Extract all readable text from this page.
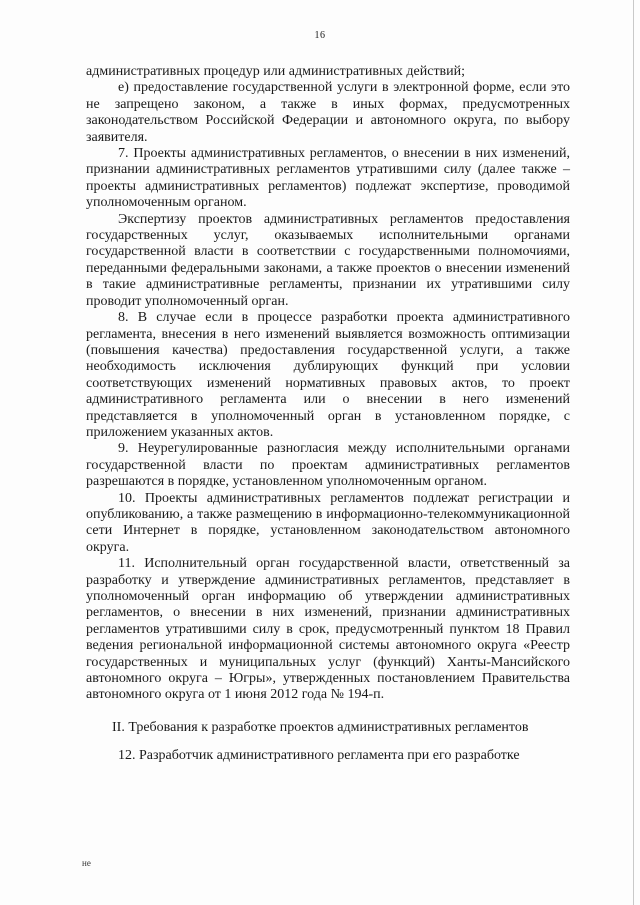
16

административных процедур или административных действий;

е) предоставление государственной услуги в электронной форме, если это не запрещено законом, а также в иных формах, предусмотренных законодательством Российской Федерации и автономного округа, по выбору заявителя.

7. Проекты административных регламентов, о внесении в них изменений, признании административных регламентов утратившими силу (далее также – проекты административных регламентов) подлежат экспертизе, проводимой уполномоченным органом.

Экспертизу проектов административных регламентов предоставления государственных услуг, оказываемых исполнительными органами государственной власти в соответствии с государственными полномочиями, переданными федеральными законами, а также проектов о внесении изменений в такие административные регламенты, признании их утратившими силу проводит уполномоченный орган.

8. В случае если в процессе разработки проекта административного регламента, внесения в него изменений выявляется возможность оптимизации (повышения качества) предоставления государственной услуги, а также необходимость исключения дублирующих функций при условии соответствующих изменений нормативных правовых актов, то проект административного регламента или о внесении в него изменений представляется в уполномоченный орган в установленном порядке, с приложением указанных актов.

9. Неурегулированные разногласия между исполнительными органами государственной власти по проектам административных регламентов разрешаются в порядке, установленном уполномоченным органом.

10. Проекты административных регламентов подлежат регистрации и опубликованию, а также размещению в информационно-телекоммуникационной сети Интернет в порядке, установленном законодательством автономного округа.

11. Исполнительный орган государственной власти, ответственный за разработку и утверждение административных регламентов, представляет в уполномоченный орган информацию об утверждении административных регламентов, о внесении в них изменений, признании административных регламентов утратившими силу в срок, предусмотренный пунктом 18 Правил ведения региональной информационной системы автономного округа «Реестр государственных и муниципальных услуг (функций) Ханты-Мансийского автономного округа – Югры», утвержденных постановлением Правительства автономного округа от 1 июня 2012 года № 194-п.

II. Требования к разработке проектов административных регламентов

12. Разработчик административного регламента при его разработке

не
